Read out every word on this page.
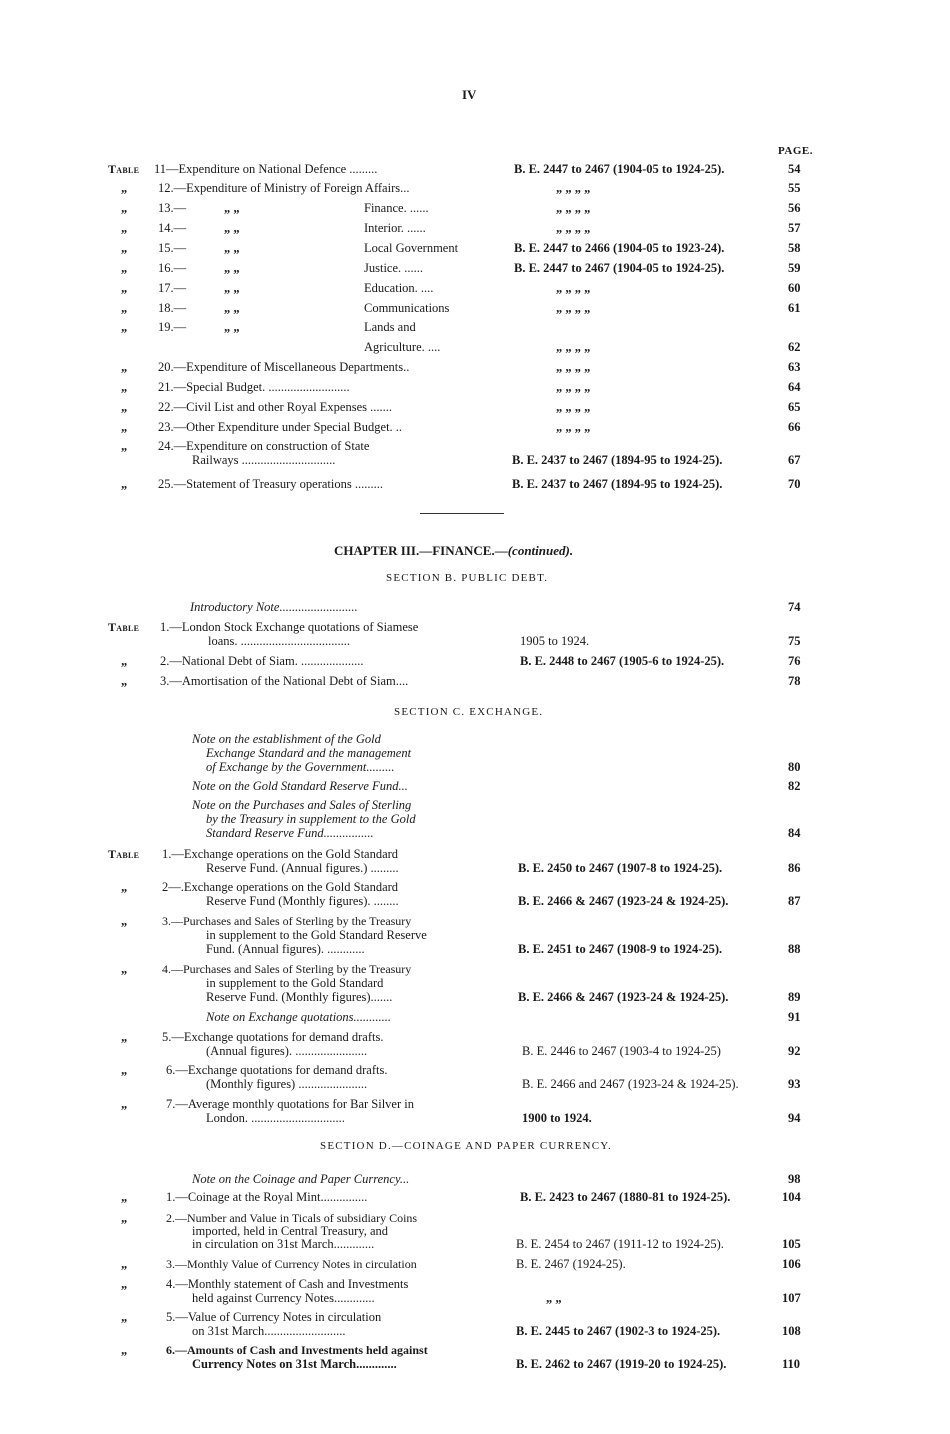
IV
PAGE.
Table 11—Expenditure on National Defence .........	B. E. 2447 to 2467 (1904-05 to 1924-25).	54
„ 12.—Expenditure of Ministry of Foreign Affairs...	„ „ „ „	55
„ 13.—	„ „	Finance. ......	„ „ „ „	56
„ 14.—	„ „	Interior. ......	„ „ „ „	57
„ 15.—	„ „	Local Government	B. E. 2447 to 2466 (1904-05 to 1923-24).	58
„ 16.—	„ „	Justice. ......	B. E. 2447 to 2467 (1904-05 to 1924-25).	59
„ 17.—	„ „	Education. ....	„ „ „ „	60
„ 18.—	„ „	Communications	„ „ „ „	61
„ 19.—	„ „	Lands and
Agriculture. ....	„ „ „ „	62
„ 20.—Expenditure of Miscellaneous Departments..	„ „ „ „	63
„ 21.—Special Budget. ..........................	„ „ „ „	64
„ 22.—Civil List and other Royal Expenses .......	„ „ „ „	65
„ 23.—Other Expenditure under Special Budget. ..	„ „ „ „	66
„ 24.—Expenditure on construction of State
Railways ..............................	B. E. 2437 to 2467 (1894-95 to 1924-25).	67
„ 25.—Statement of Treasury operations .........	B. E. 2437 to 2467 (1894-95 to 1924-25).	70
CHAPTER III.—FINANCE.—(continued).
SECTION B. PUBLIC DEBT.
Introductory Note.........................	74
Table 1.—London Stock Exchange quotations of Siamese
loans. ...................................	1905 to 1924.	75
„	2.—National Debt of Siam. ....................	B. E. 2448 to 2467 (1905-6 to 1924-25).	76
„	3.—Amortisation of the National Debt of Siam....	78
SECTION C. EXCHANGE.
Note on the establishment of the Gold
Exchange Standard and the management
of Exchange by the Government.........	80
Note on the Gold Standard Reserve Fund...	82
Note on the Purchases and Sales of Sterling
by the Treasury in supplement to the Gold
Standard Reserve Fund................	84
Table 1.—Exchange operations on the Gold Standard
Reserve Fund. (Annual figures.) .........	B. E. 2450 to 2467 (1907-8 to 1924-25).	86
„	2—.Exchange operations on the Gold Standard
Reserve Fund (Monthly figures). ........	B. E. 2466 & 2467 (1923-24 & 1924-25).	87
„	3.—Purchases and Sales of Sterling by the Treasury
in supplement to the Gold Standard Reserve
Fund. (Annual figures). ............	B. E. 2451 to 2467 (1908-9 to 1924-25).	88
„	4.—Purchases and Sales of Sterling by the Treasury
in supplement to the Gold Standard
Reserve Fund. (Monthly figures).......	B. E. 2466 & 2467 (1923-24 & 1924-25).	89
Note on Exchange quotations............	91
„	5.—Exchange quotations for demand drafts.
(Annual figures). .......................	B. E. 2446 to 2467 (1903-4 to 1924-25)	92
„	6.—Exchange quotations for demand drafts.
(Monthly figures) ......................	B. E. 2466 and 2467 (1923-24 & 1924-25).	93
„	7.—Average monthly quotations for Bar Silver in
London. ..............................	1900 to 1924.	94
SECTION D.—COINAGE AND PAPER CURRENCY.
Note on the Coinage and Paper Currency...	98
„	1.—Coinage at the Royal Mint...............	B. E. 2423 to 2467 (1880-81 to 1924-25).	104
„	2.—Number and Value in Ticals of subsidiary Coins
imported, held in Central Treasury, and
in circulation on 31st March.............	B. E. 2454 to 2467 (1911-12 to 1924-25).	105
„	3.—Monthly Value of Currency Notes in circulation	B. E. 2467 (1924-25).	106
„	4.—Monthly statement of Cash and Investments
held against Currency Notes.............	„ „	107
„	5.—Value of Currency Notes in circulation
on 31st March..........................	B. E. 2445 to 2467 (1902-3 to 1924-25).	108
„	6.—Amounts of Cash and Investments held against
Currency Notes on 31st March.............	B. E. 2462 to 2467 (1919-20 to 1924-25).	110
